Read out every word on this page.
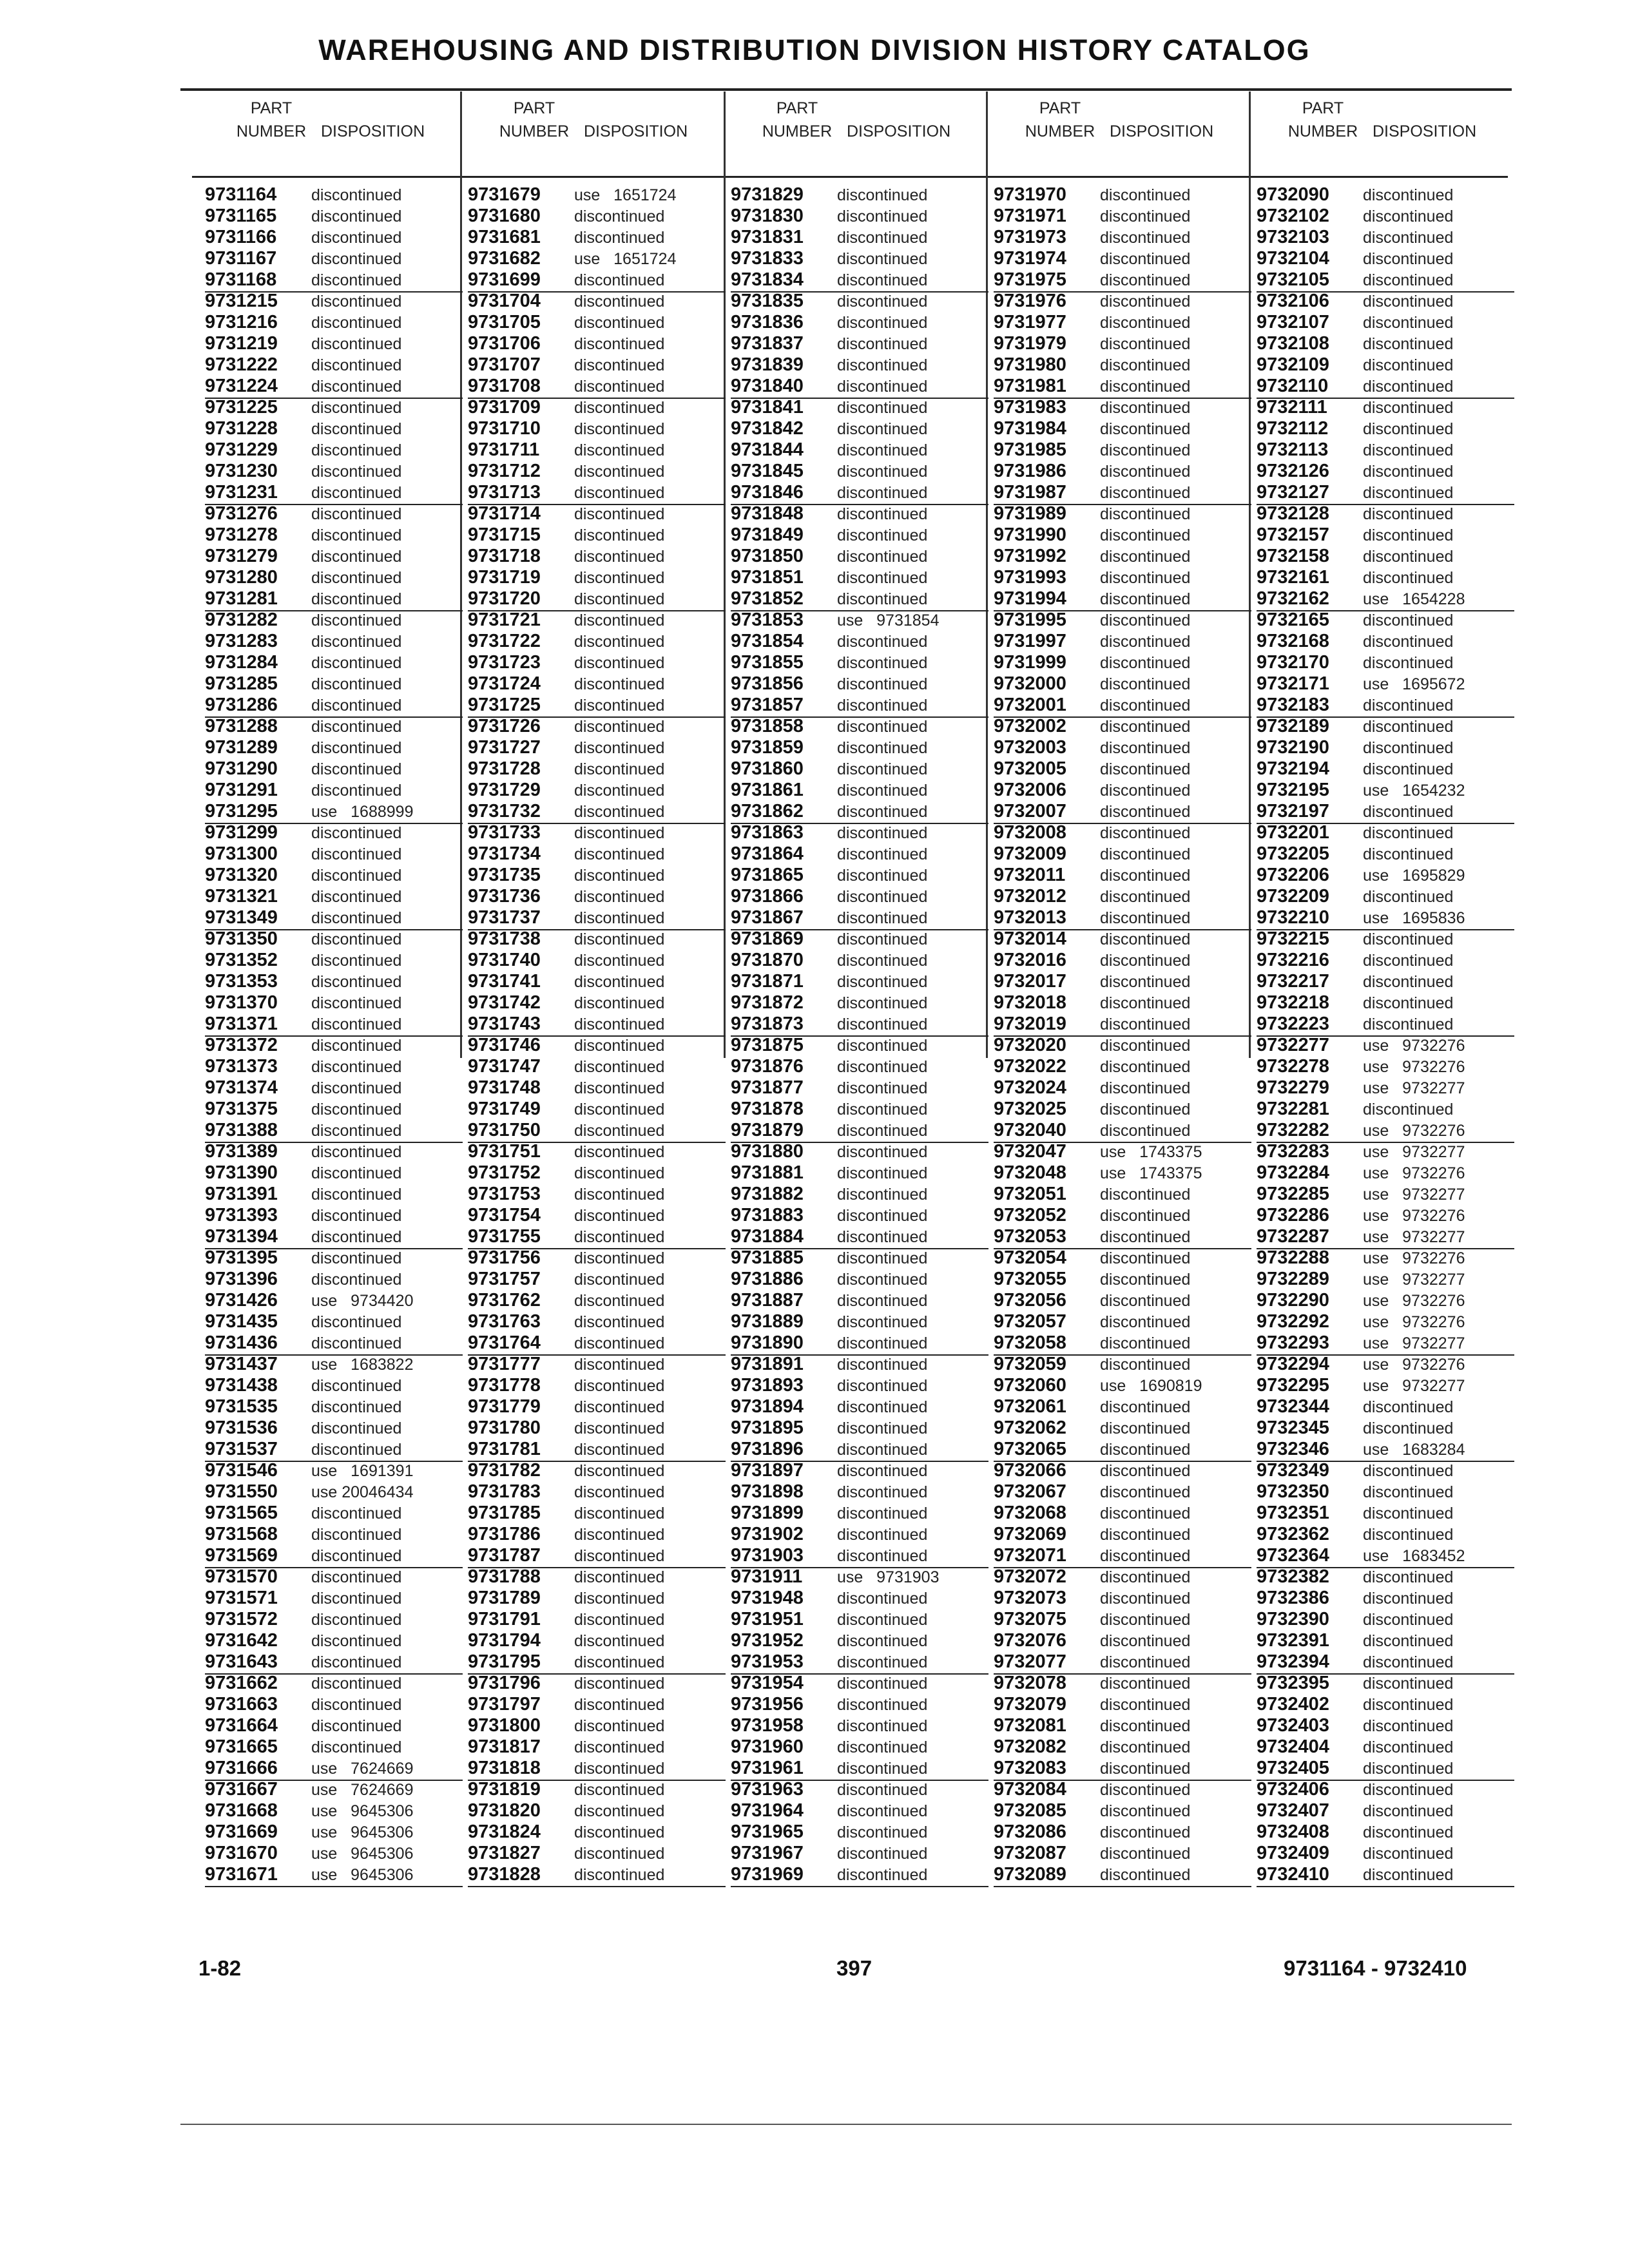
WAREHOUSING AND DISTRIBUTION DIVISION HISTORY CATALOG
PART
NUMBER DISPOSITION
9731164 discontinued
9731165 discontinued
9731166 discontinued
9731167 discontinued
9731168 discontinued
9731215 discontinued
9731216 discontinued
9731219 discontinued
9731222 discontinued
9731224 discontinued
9731225 discontinued
9731228 discontinued
9731229 discontinued
9731230 discontinued
9731231 discontinued
9731276 discontinued
9731278 discontinued
9731279 discontinued
9731280 discontinued
9731281 discontinued
9731282 discontinued
9731283 discontinued
9731284 discontinued
9731285 discontinued
9731286 discontinued
9731288 discontinued
9731289 discontinued
9731290 discontinued
9731291 discontinued
9731295 use   1688999
9731299 discontinued
9731300 discontinued
9731320 discontinued
9731321 discontinued
9731349 discontinued
9731350 discontinued
9731352 discontinued
9731353 discontinued
9731370 discontinued
9731371 discontinued
9731372 discontinued
9731373 discontinued
9731374 discontinued
9731375 discontinued
9731388 discontinued
9731389 discontinued
9731390 discontinued
9731391 discontinued
9731393 discontinued
9731394 discontinued
9731395 discontinued
9731396 discontinued
9731426 use   9734420
9731435 discontinued
9731436 discontinued
9731437 use   1683822
9731438 discontinued
9731535 discontinued
9731536 discontinued
9731537 discontinued
9731546 use   1691391
9731550 use 20046434
9731565 discontinued
9731568 discontinued
9731569 discontinued
9731570 discontinued
9731571 discontinued
9731572 discontinued
9731642 discontinued
9731643 discontinued
9731662 discontinued
9731663 discontinued
9731664 discontinued
9731665 discontinued
9731666 use   7624669
9731667 use   7624669
9731668 use   9645306
9731669 use   9645306
9731670 use   9645306
9731671 use   9645306
PART
NUMBER DISPOSITION
9731679 use   1651724
9731680 discontinued
9731681 discontinued
9731682 use   1651724
9731699 discontinued
9731704 discontinued
9731705 discontinued
9731706 discontinued
9731707 discontinued
9731708 discontinued
9731709 discontinued
9731710 discontinued
9731711 discontinued
9731712 discontinued
9731713 discontinued
9731714 discontinued
9731715 discontinued
9731718 discontinued
9731719 discontinued
9731720 discontinued
9731721 discontinued
9731722 discontinued
9731723 discontinued
9731724 discontinued
9731725 discontinued
9731726 discontinued
9731727 discontinued
9731728 discontinued
9731729 discontinued
9731732 discontinued
9731733 discontinued
9731734 discontinued
9731735 discontinued
9731736 discontinued
9731737 discontinued
9731738 discontinued
9731740 discontinued
9731741 discontinued
9731742 discontinued
9731743 discontinued
9731746 discontinued
9731747 discontinued
9731748 discontinued
9731749 discontinued
9731750 discontinued
9731751 discontinued
9731752 discontinued
9731753 discontinued
9731754 discontinued
9731755 discontinued
9731756 discontinued
9731757 discontinued
9731762 discontinued
9731763 discontinued
9731764 discontinued
9731777 discontinued
9731778 discontinued
9731779 discontinued
9731780 discontinued
9731781 discontinued
9731782 discontinued
9731783 discontinued
9731785 discontinued
9731786 discontinued
9731787 discontinued
9731788 discontinued
9731789 discontinued
9731791 discontinued
9731794 discontinued
9731795 discontinued
9731796 discontinued
9731797 discontinued
9731800 discontinued
9731817 discontinued
9731818 discontinued
9731819 discontinued
9731820 discontinued
9731824 discontinued
9731827 discontinued
9731828 discontinued
PART
NUMBER DISPOSITION
9731829 discontinued
9731830 discontinued
9731831 discontinued
9731833 discontinued
9731834 discontinued
9731835 discontinued
9731836 discontinued
9731837 discontinued
9731839 discontinued
9731840 discontinued
9731841 discontinued
9731842 discontinued
9731844 discontinued
9731845 discontinued
9731846 discontinued
9731848 discontinued
9731849 discontinued
9731850 discontinued
9731851 discontinued
9731852 discontinued
9731853 use   9731854
9731854 discontinued
9731855 discontinued
9731856 discontinued
9731857 discontinued
9731858 discontinued
9731859 discontinued
9731860 discontinued
9731861 discontinued
9731862 discontinued
9731863 discontinued
9731864 discontinued
9731865 discontinued
9731866 discontinued
9731867 discontinued
9731869 discontinued
9731870 discontinued
9731871 discontinued
9731872 discontinued
9731873 discontinued
9731875 discontinued
9731876 discontinued
9731877 discontinued
9731878 discontinued
9731879 discontinued
9731880 discontinued
9731881 discontinued
9731882 discontinued
9731883 discontinued
9731884 discontinued
9731885 discontinued
9731886 discontinued
9731887 discontinued
9731889 discontinued
9731890 discontinued
9731891 discontinued
9731893 discontinued
9731894 discontinued
9731895 discontinued
9731896 discontinued
9731897 discontinued
9731898 discontinued
9731899 discontinued
9731902 discontinued
9731903 discontinued
9731911 use   9731903
9731948 discontinued
9731951 discontinued
9731952 discontinued
9731953 discontinued
9731954 discontinued
9731956 discontinued
9731958 discontinued
9731960 discontinued
9731961 discontinued
9731963 discontinued
9731964 discontinued
9731965 discontinued
9731967 discontinued
9731969 discontinued
PART
NUMBER DISPOSITION
9731970 discontinued
9731971 discontinued
9731973 discontinued
9731974 discontinued
9731975 discontinued
9731976 discontinued
9731977 discontinued
9731979 discontinued
9731980 discontinued
9731981 discontinued
9731983 discontinued
9731984 discontinued
9731985 discontinued
9731986 discontinued
9731987 discontinued
9731989 discontinued
9731990 discontinued
9731992 discontinued
9731993 discontinued
9731994 discontinued
9731995 discontinued
9731997 discontinued
9731999 discontinued
9732000 discontinued
9732001 discontinued
9732002 discontinued
9732003 discontinued
9732005 discontinued
9732006 discontinued
9732007 discontinued
9732008 discontinued
9732009 discontinued
9732011 discontinued
9732012 discontinued
9732013 discontinued
9732014 discontinued
9732016 discontinued
9732017 discontinued
9732018 discontinued
9732019 discontinued
9732020 discontinued
9732022 discontinued
9732024 discontinued
9732025 discontinued
9732040 discontinued
9732047 use   1743375
9732048 use   1743375
9732051 discontinued
9732052 discontinued
9732053 discontinued
9732054 discontinued
9732055 discontinued
9732056 discontinued
9732057 discontinued
9732058 discontinued
9732059 discontinued
9732060 use   1690819
9732061 discontinued
9732062 discontinued
9732065 discontinued
9732066 discontinued
9732067 discontinued
9732068 discontinued
9732069 discontinued
9732071 discontinued
9732072 discontinued
9732073 discontinued
9732075 discontinued
9732076 discontinued
9732077 discontinued
9732078 discontinued
9732079 discontinued
9732081 discontinued
9732082 discontinued
9732083 discontinued
9732084 discontinued
9732085 discontinued
9732086 discontinued
9732087 discontinued
9732089 discontinued
PART
NUMBER DISPOSITION
9732090 discontinued
9732102 discontinued
9732103 discontinued
9732104 discontinued
9732105 discontinued
9732106 discontinued
9732107 discontinued
9732108 discontinued
9732109 discontinued
9732110 discontinued
9732111 discontinued
9732112 discontinued
9732113 discontinued
9732126 discontinued
9732127 discontinued
9732128 discontinued
9732157 discontinued
9732158 discontinued
9732161 discontinued
9732162 use   1654228
9732165 discontinued
9732168 discontinued
9732170 discontinued
9732171 use   1695672
9732183 discontinued
9732189 discontinued
9732190 discontinued
9732194 discontinued
9732195 use   1654232
9732197 discontinued
9732201 discontinued
9732205 discontinued
9732206 use   1695829
9732209 discontinued
9732210 use   1695836
9732215 discontinued
9732216 discontinued
9732217 discontinued
9732218 discontinued
9732223 discontinued
9732277 use   9732276
9732278 use   9732276
9732279 use   9732277
9732281 discontinued
9732282 use   9732276
9732283 use   9732277
9732284 use   9732276
9732285 use   9732277
9732286 use   9732276
9732287 use   9732277
9732288 use   9732276
9732289 use   9732277
9732290 use   9732276
9732292 use   9732276
9732293 use   9732277
9732294 use   9732276
9732295 use   9732277
9732344 discontinued
9732345 discontinued
9732346 use   1683284
9732349 discontinued
9732350 discontinued
9732351 discontinued
9732362 discontinued
9732364 use   1683452
9732382 discontinued
9732386 discontinued
9732390 discontinued
9732391 discontinued
9732394 discontinued
9732395 discontinued
9732402 discontinued
9732403 discontinued
9732404 discontinued
9732405 discontinued
9732406 discontinued
9732407 discontinued
9732408 discontinued
9732409 discontinued
9732410 discontinued
1-82	397	9731164 - 9732410
